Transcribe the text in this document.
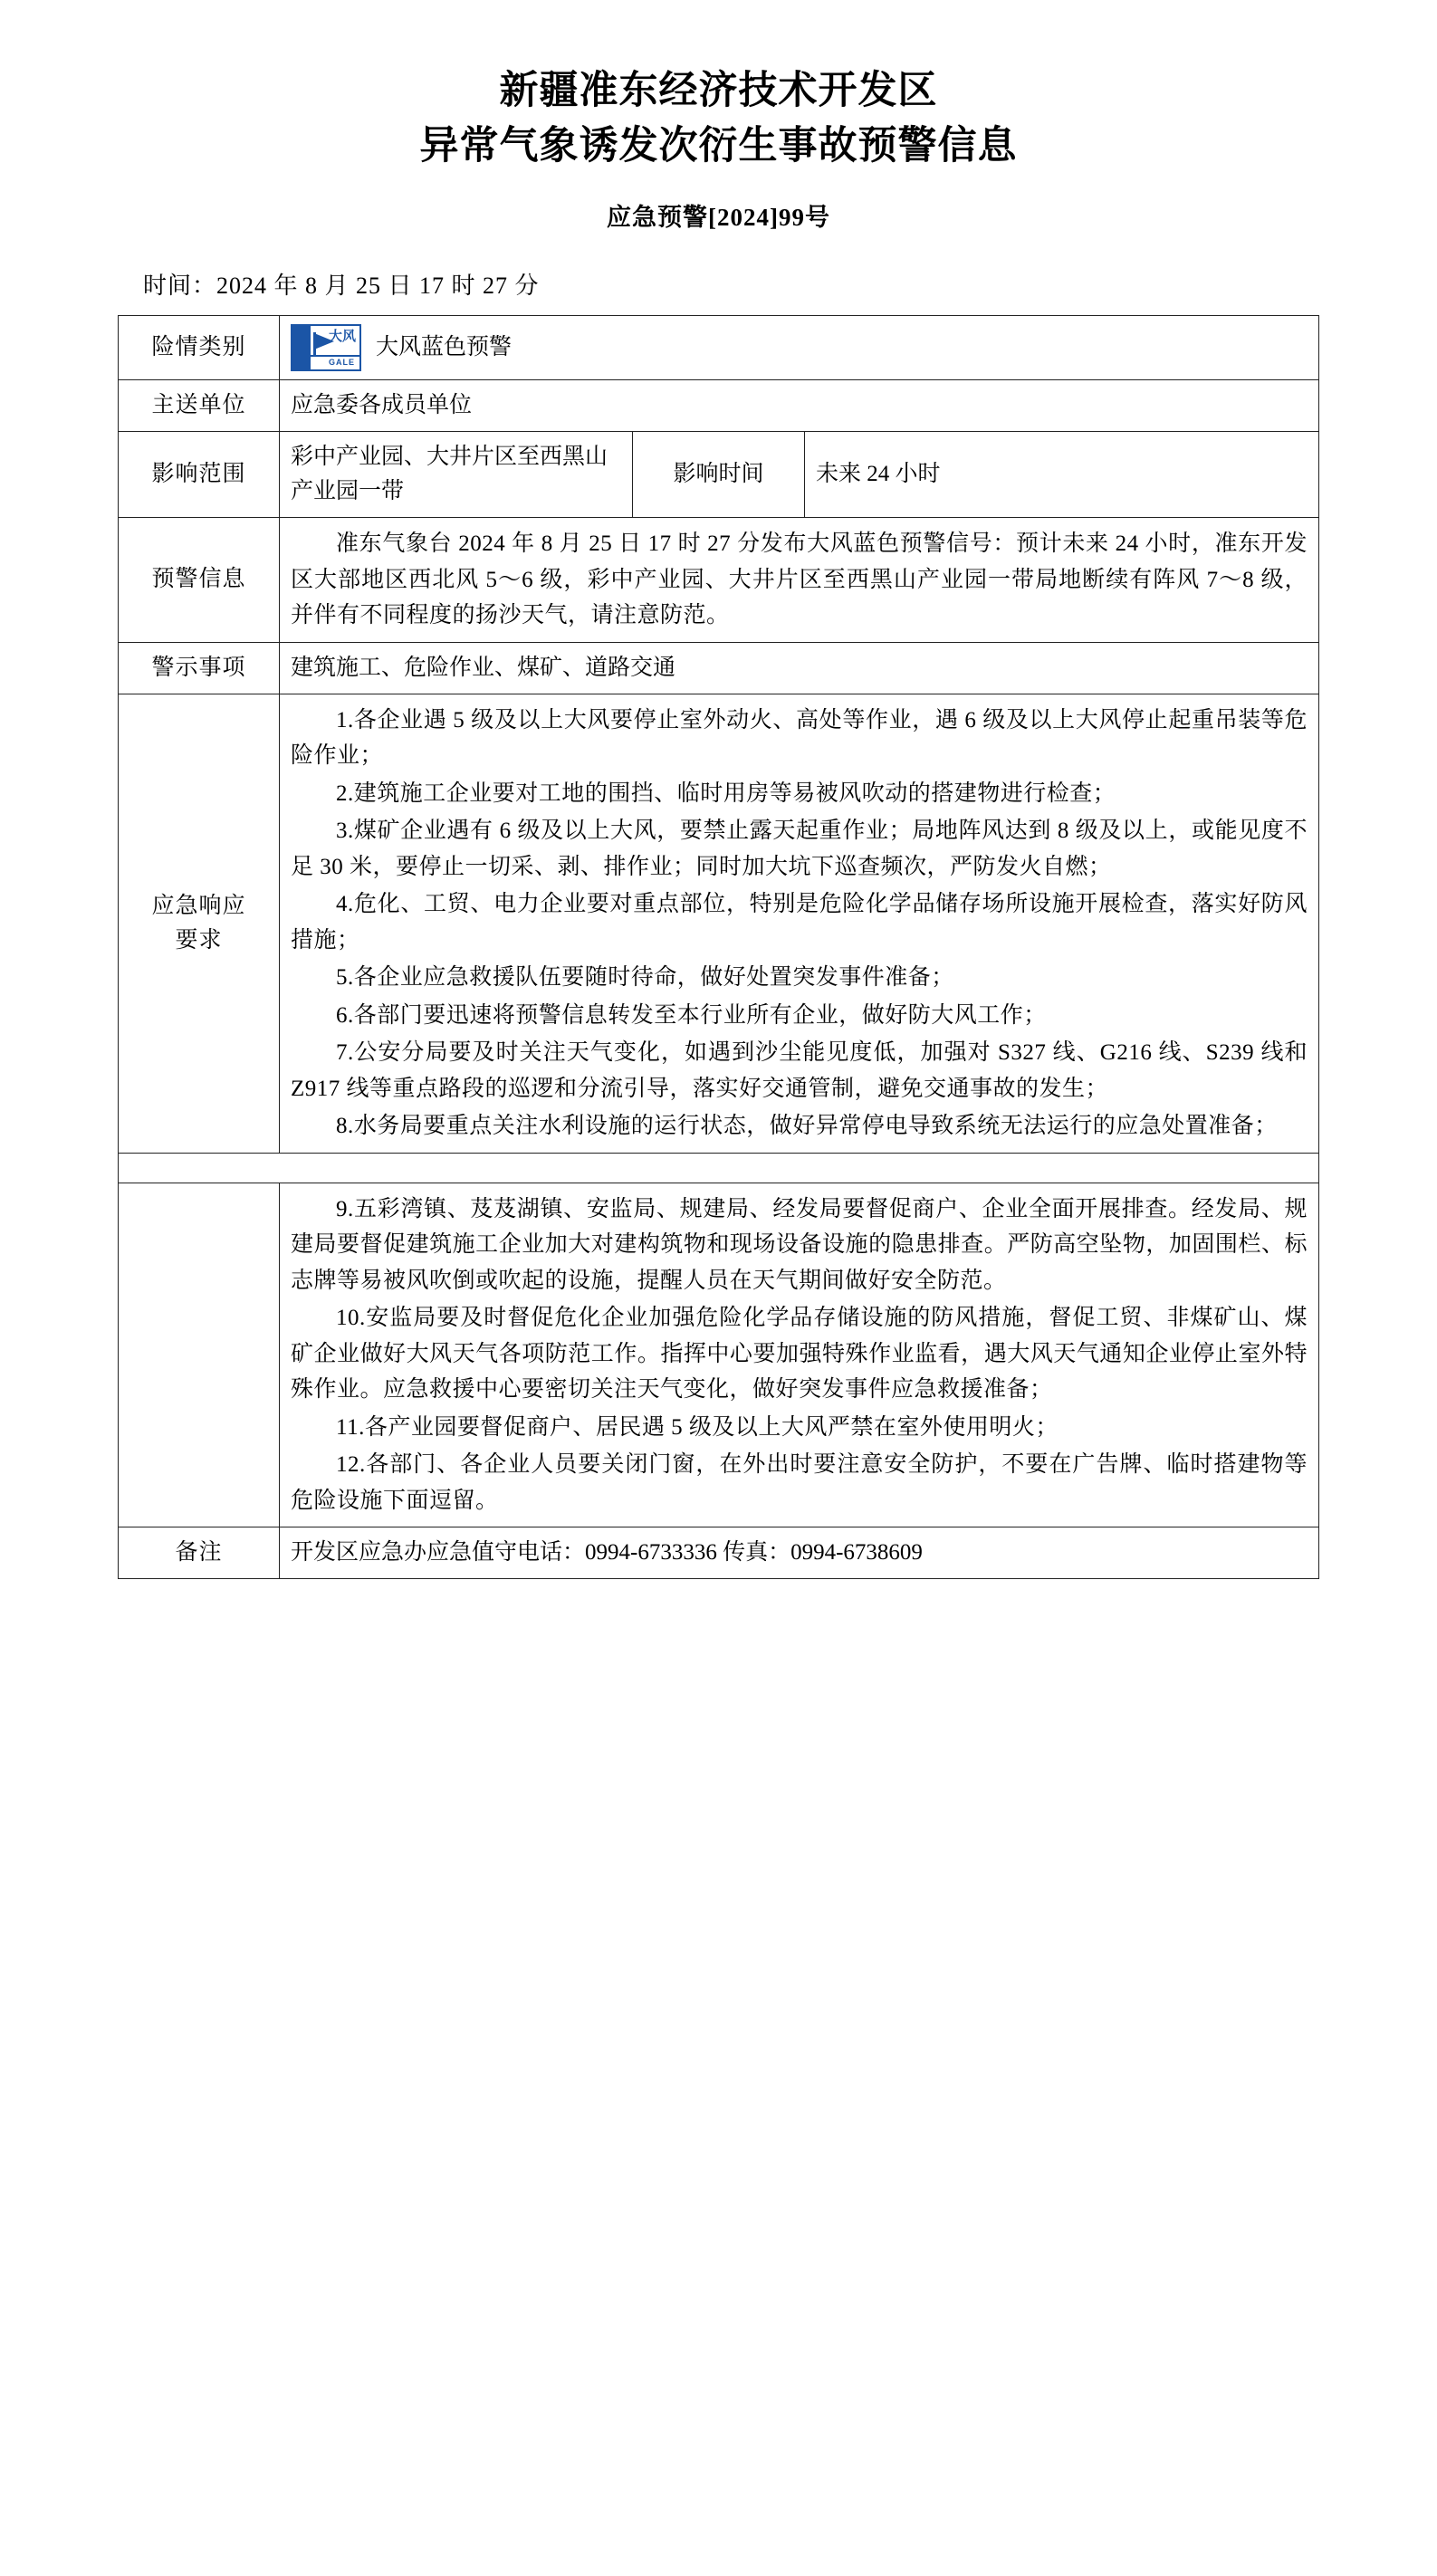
新疆准东经济技术开发区
异常气象诱发次衍生事故预警信息
应急预警[2024]99号
时间：2024 年 8 月 25 日 17 时 27 分
险情类别	大风
GALE
大风蓝色预警		

主送单位	应急委各成员单位		
影响范围	彩中产业园、大井片区至西黑山产业园一带	影响时间	未来 24 小时
预警信息	准东气象台 2024 年 8 月 25 日 17 时 27 分发布大风蓝色预警信号：预计未来 24 小时，准东开发区大部地区西北风 5～6 级，彩中产业园、大井片区至西黑山产业园一带局地断续有阵风 7～8 级，并伴有不同程度的扬沙天气，请注意防范。		

警示事项	建筑施工、危险作业、煤矿、道路交通		
应急响应
要求	

1.各企业遇 5 级及以上大风要停止室外动火、高处等作业，遇 6 级及以上大风停止起重吊装等危险作业；

2.建筑施工企业要对工地的围挡、临时用房等易被风吹动的搭建物进行检查；

3.煤矿企业遇有 6 级及以上大风，要禁止露天起重作业；局地阵风达到 8 级及以上，或能见度不足 30 米，要停止一切采、剥、排作业；同时加大坑下巡查频次，严防发火自燃；

4.危化、工贸、电力企业要对重点部位，特别是危险化学品储存场所设施开展检查，落实好防风措施；

5.各企业应急救援队伍要随时待命，做好处置突发事件准备；

6.各部门要迅速将预警信息转发至本行业所有企业，做好防大风工作；

7.公安分局要及时关注天气变化，如遇到沙尘能见度低，加强对 S327 线、G216 线、S239 线和 Z917 线等重点路段的巡逻和分流引导，落实好交通管制，避免交通事故的发生；

8.水务局要重点关注水利设施的运行状态，做好异常停电导致系统无法运行的应急处置准备；

	9.五彩湾镇、芨芨湖镇、安监局、规建局、经发局要督促商户、企业全面开展排查。经发局、规建局要督促建筑施工企业加大对建构筑物和现场设备设施的隐患排查。严防高空坠物，加固围栏、标志牌等易被风吹倒或吹起的设施，提醒人员在天气期间做好安全防范。

10.安监局要及时督促危化企业加强危险化学品存储设施的防风措施，督促工贸、非煤矿山、煤矿企业做好大风天气各项防范工作。指挥中心要加强特殊作业监看，遇大风天气通知企业停止室外特殊作业。应急救援中心要密切关注天气变化，做好突发事件应急救援准备；

11.各产业园要督促商户、居民遇 5 级及以上大风严禁在室外使用明火；

12.各部门、各企业人员要关闭门窗，在外出时要注意安全防护，不要在广告牌、临时搭建物等危险设施下面逗留。		

备注	开发区应急办应急值守电话：0994-6733336 传真：0994-6738609		
